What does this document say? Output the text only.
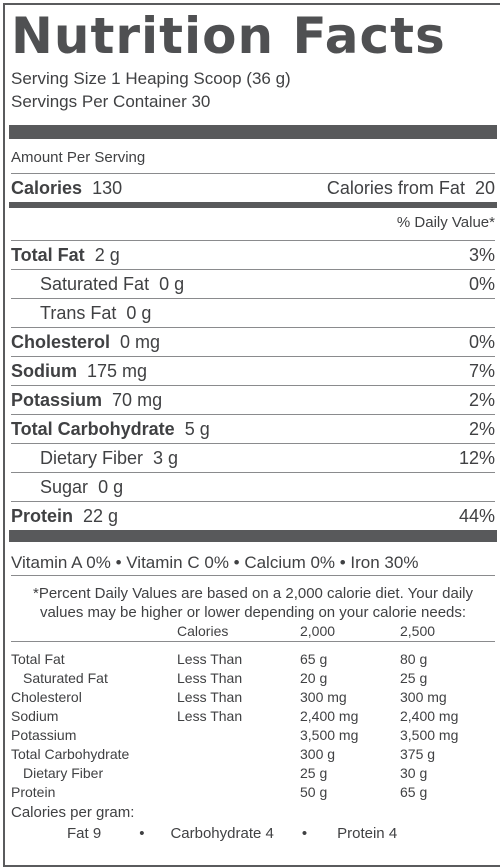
Nutrition Facts
Serving Size 1 Heaping Scoop (36 g)
Servings Per Container 30
Amount Per Serving
Calories 130	Calories from Fat 20
% Daily Value*
Total Fat 2 g	3%
Saturated Fat 0 g	0%
Trans Fat 0 g
Cholesterol 0 mg	0%
Sodium 175 mg	7%
Potassium 70 mg	2%
Total Carbohydrate 5 g	2%
Dietary Fiber 3 g	12%
Sugar 0 g
Protein 22 g	44%
Vitamin A 0% • Vitamin C 0% • Calcium 0% • Iron 30%
*Percent Daily Values are based on a 2,000 calorie diet. Your daily values may be higher or lower depending on your calorie needs:
	Calories	2,000	2,500

Total Fat	Less Than	65 g	80 g
Saturated Fat	Less Than	20 g	25 g
Cholesterol	Less Than	300 mg	300 mg
Sodium	Less Than	2,400 mg	2,400 mg
Potassium		3,500 mg	3,500 mg
Total Carbohydrate		300 g	375 g
Dietary Fiber		25 g	30 g
Protein		50 g	65 g
Calories per gram:
Fat 9	• Carbohydrate 4 • Protein 4
